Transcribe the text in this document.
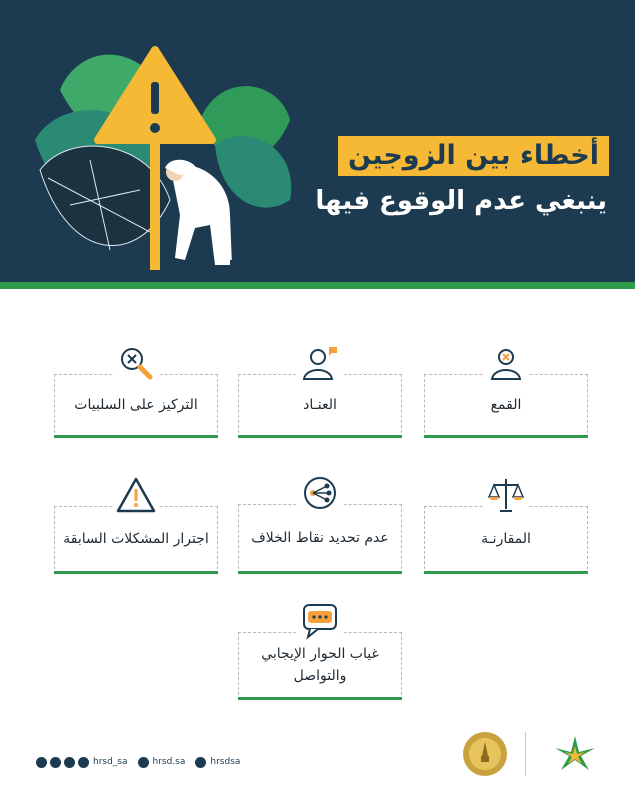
أخطاء بين الزوجين
ينبغي عدم الوقوع فيها
القمع
العنـاد
التركيز على السلبيات
المقارنـة
عدم تحديد نقاط الخلاف
اجترار المشكلات السابقة
غياب الحوار الإيجابي والتواصل
hrsd_sa	hrsd.sa	hrsdsa
